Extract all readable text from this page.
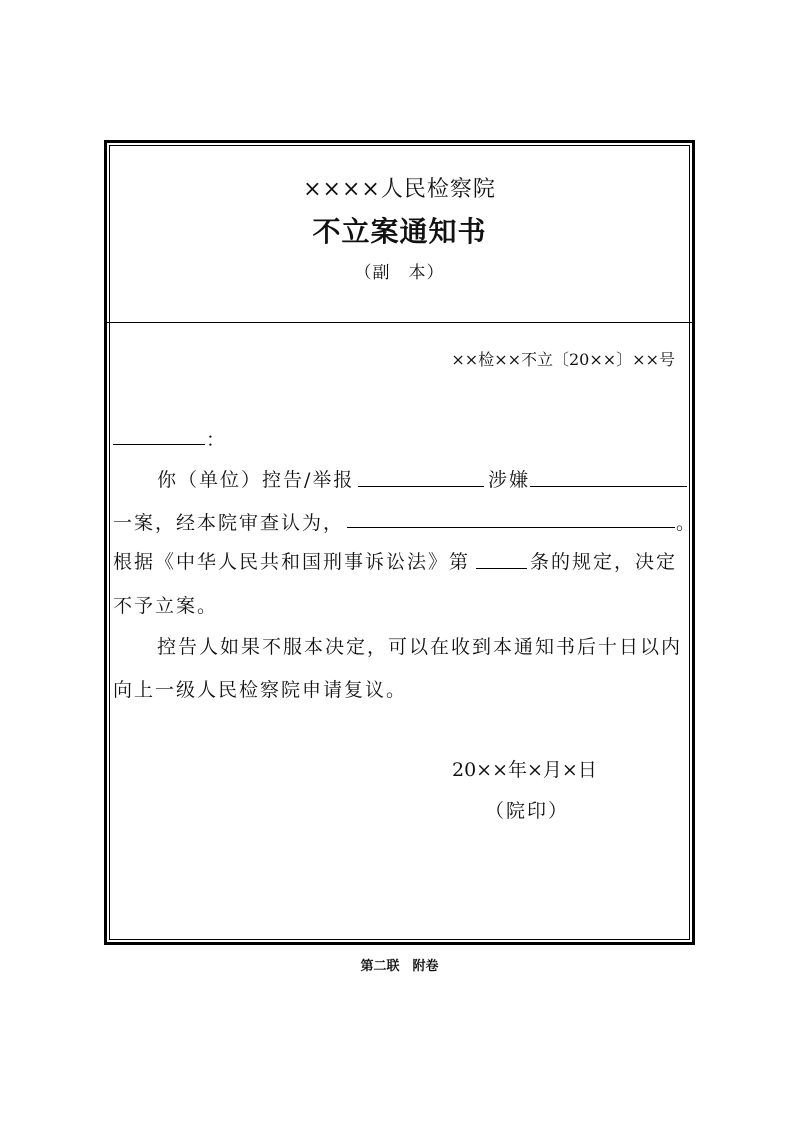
××××人民检察院
不立案通知书
（副　本）
××检××不立〔20××〕××号
：
你（单位）控告/举报	涉嫌
一案，经本院审查认为，	。
根据《中华人民共和国刑事诉讼法》第	条的规定，决定
不予立案。
控告人如果不服本决定，可以在收到本通知书后十日以内
向上一级人民检察院申请复议。
20××年×月×日
（院印）
第二联　附卷
